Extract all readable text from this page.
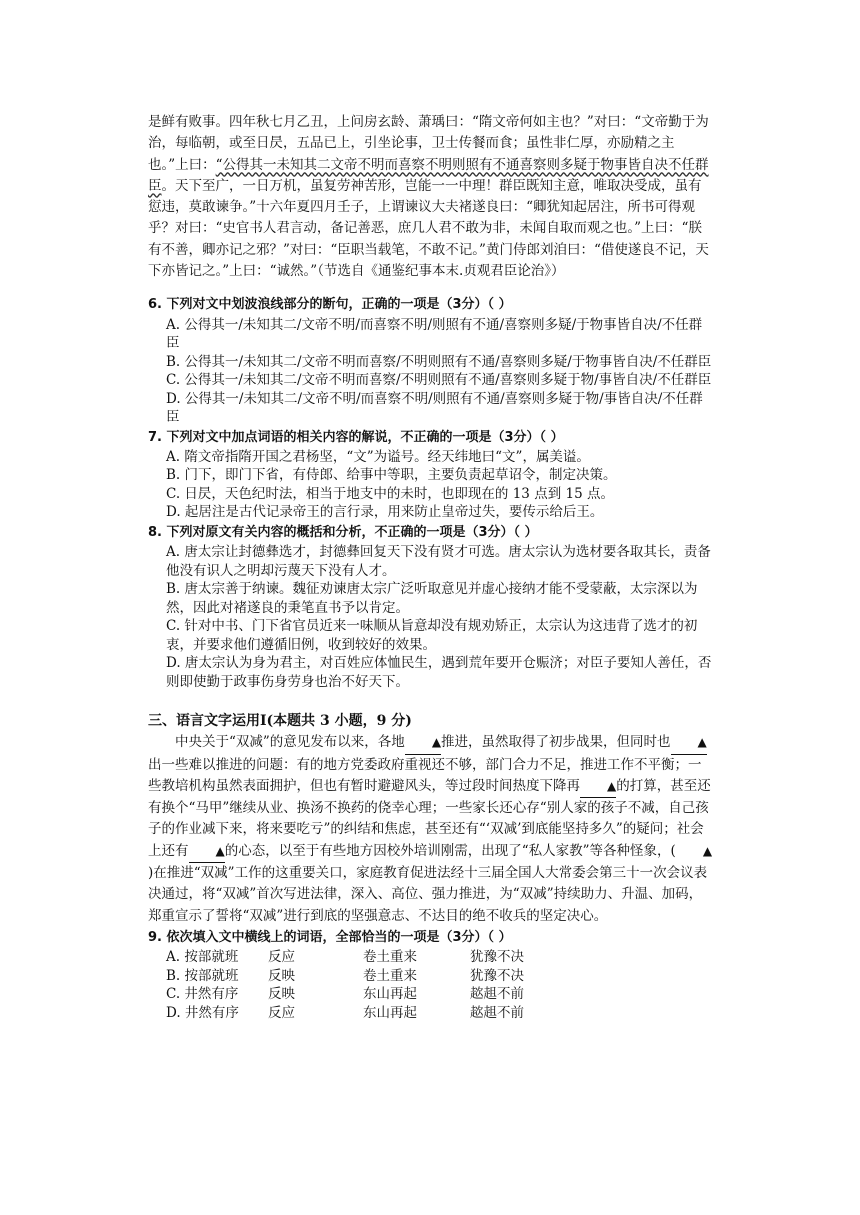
是鲜有败事。四年秋七月乙丑，上问房玄龄、萧瑀曰：“隋文帝何如主也？”对曰：“文帝勤于为治，每临朝，或至日昃，五品已上，引坐论事，卫士传餐而食；虽性非仁厚，亦励精之主也。”上曰：“公得其一未知其二文帝不明而喜察不明则照有不通喜察则多疑于物事皆自决不任群臣。天下至广，一日万机，虽复劳神苦形，岂能一一中理！群臣既知主意，唯取决受成，虽有愆违，莫敢谏争。”十六年夏四月壬子，上谓谏议大夫褚遂良曰：“卿犹知起居注，所书可得观乎？对曰：“史官书人君言动，备记善恶，庶几人君不敢为非，未闻自取而观之也。”上曰：“朕有不善，卿亦记之邪？”对曰：“臣职当载笔，不敢不记。”黄门侍郎刘洎曰：“借使遂良不记，天下亦皆记之。”上曰：“诚然。”（节选自《通鉴纪事本末.贞观君臣论治》）

6. 下列对文中划波浪线部分的断句，正确的一项是（3分）（ ）

A. 公得其一/未知其二/文帝不明/而喜察不明/则照有不通/喜察则多疑/于物事皆自决/不任群臣

B. 公得其一/未知其二/文帝不明而喜察/不明则照有不通/喜察则多疑/于物事皆自决/不任群臣

C. 公得其一/未知其二/文帝不明而喜察/不明则照有不通/喜察则多疑于物/事皆自决/不任群臣

D. 公得其一/未知其二/文帝不明/而喜察不明/则照有不通/喜察则多疑于物/事皆自决/不任群臣

7. 下列对文中加点词语的相关内容的解说，不正确的一项是（3分）（ ）

A. 隋文帝指隋开国之君杨坚，“文”为谥号。经天纬地曰“文”，属美谥。

B. 门下，即门下省，有侍郎、给事中等职，主要负责起草诏令，制定决策。

C. 日昃，天色纪时法，相当于地支中的未时，也即现在的 13 点到 15 点。

D. 起居注是古代记录帝王的言行录，用来防止皇帝过失，要传示给后王。

8. 下列对原文有关内容的概括和分析，不正确的一项是（3分）（ ）

A. 唐太宗让封德彝选才，封德彝回复天下没有贤才可选。唐太宗认为选材要各取其长，责备他没有识人之明却污蔑天下没有人才。

B. 唐太宗善于纳谏。魏征劝谏唐太宗广泛听取意见并虚心接纳才能不受蒙蔽，太宗深以为然，因此对褚遂良的秉笔直书予以肯定。

C. 针对中书、门下省官员近来一味顺从旨意却没有规劝矫正，太宗认为这违背了选才的初衷，并要求他们遵循旧例，收到较好的效果。

D. 唐太宗认为身为君主，对百姓应体恤民生，遇到荒年要开仓赈济；对臣子要知人善任，否则即使勤于政事伤身劳身也治不好天下。

三、语言文字运用Ⅰ(本题共 3 小题，9 分)

中央关于“双减”的意见发布以来，各地 ▲推进，虽然取得了初步战果，但同时也 ▲出一些难以推进的问题：有的地方党委政府重视还不够，部门合力不足，推进工作不平衡；一些教培机构虽然表面拥护，但也有暂时避避风头，等过段时间热度下降再 ▲的打算，甚至还有换个“马甲”继续从业、换汤不换药的侥幸心理；一些家长还心存“别人家的孩子不减，自己孩子的作业减下来，将来要吃亏”的纠结和焦虑，甚至还有“‘双减’到底能坚持多久”的疑问；社会上还有 ▲的心态，以至于有些地方因校外培训刚需，出现了“私人家教”等各种怪象，( ▲)在推进“双减”工作的这重要关口，家庭教育促进法经十三届全国人大常委会第三十一次会议表决通过，将“双减”首次写进法律，深入、高位、强力推进，为“双减”持续助力、升温、加码，郑重宣示了誓将“双减”进行到底的坚强意志、不达目的绝不收兵的坚定决心。

9. 依次填入文中横线上的词语，全部恰当的一项是（3分）（ ）

A. 按部就班	反应	卷土重来	犹豫不决
B. 按部就班	反映	卷土重来	犹豫不决
C. 井然有序	反映	东山再起	趑趄不前
D. 井然有序	反应	东山再起	趑趄不前
